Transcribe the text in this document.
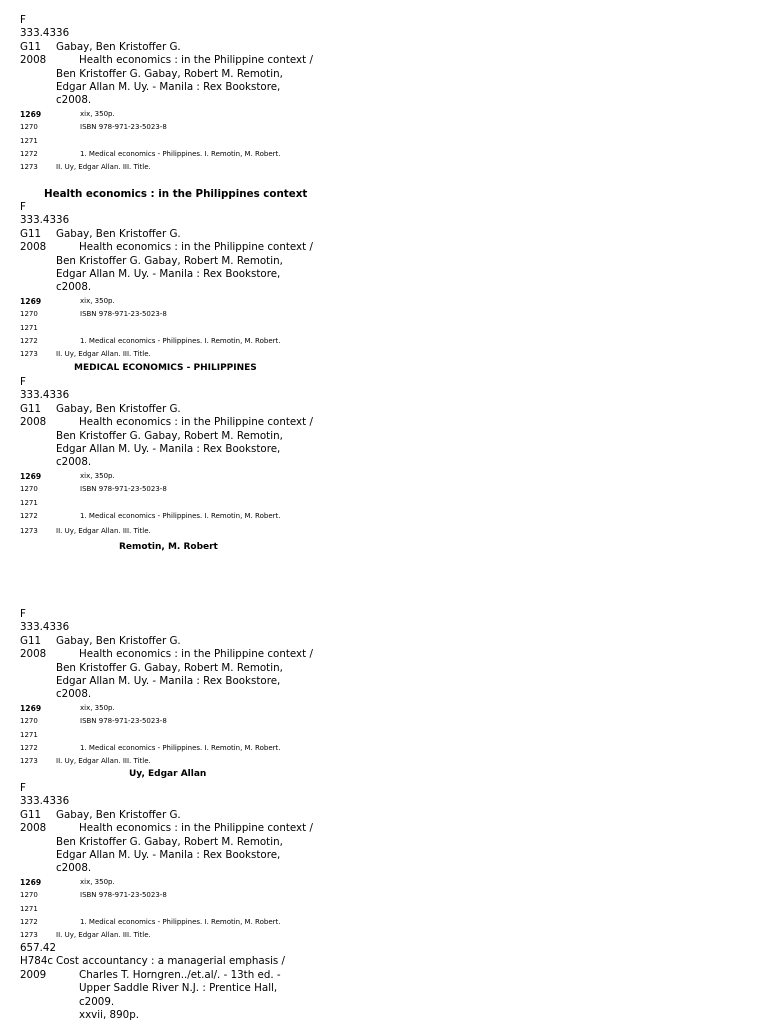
F
333.4336
G11 Gabay, Ben Kristoffer G.
2008	Health economics : in the Philippine context /
Ben Kristoffer G. Gabay, Robert M. Remotin,
Edgar Allan M. Uy. - Manila : Rex Bookstore,
c2008.
1269	xix, 350p.
1270	ISBN 978-971-23-5023-8
1271
1272	1. Medical economics - Philippines. I. Remotin, M. Robert.
1273	II. Uy, Edgar Allan. III. Title.
Health economics : in the Philippines context
F
333.4336
G11 Gabay, Ben Kristoffer G.
2008	Health economics : in the Philippine context /
Ben Kristoffer G. Gabay, Robert M. Remotin,
Edgar Allan M. Uy. - Manila : Rex Bookstore,
c2008.
1269	xix, 350p.
1270	ISBN 978-971-23-5023-8
1271
1272	1. Medical economics - Philippines. I. Remotin, M. Robert.
1273	II. Uy, Edgar Allan. III. Title.
MEDICAL ECONOMICS - PHILIPPINES
F
333.4336
G11 Gabay, Ben Kristoffer G.
2008	Health economics : in the Philippine context /
Ben Kristoffer G. Gabay, Robert M. Remotin,
Edgar Allan M. Uy. - Manila : Rex Bookstore,
c2008.
1269	xix, 350p.
1270	ISBN 978-971-23-5023-8
1271
1272	1. Medical economics - Philippines. I. Remotin, M. Robert.
1273	II. Uy, Edgar Allan. III. Title.
Remotin, M. Robert
F
333.4336
G11 Gabay, Ben Kristoffer G.
2008	Health economics : in the Philippine context /
Ben Kristoffer G. Gabay, Robert M. Remotin,
Edgar Allan M. Uy. - Manila : Rex Bookstore,
c2008.
1269	xix, 350p.
1270	ISBN 978-971-23-5023-8
1271
1272	1. Medical economics - Philippines. I. Remotin, M. Robert.
1273	II. Uy, Edgar Allan. III. Title.
Uy, Edgar Allan
F
333.4336
G11 Gabay, Ben Kristoffer G.
2008	Health economics : in the Philippine context /
Ben Kristoffer G. Gabay, Robert M. Remotin,
Edgar Allan M. Uy. - Manila : Rex Bookstore,
c2008.
1269	xix, 350p.
1270	ISBN 978-971-23-5023-8
1271
1272	1. Medical economics - Philippines. I. Remotin, M. Robert.
1273	II. Uy, Edgar Allan. III. Title.
657.42
H784c Cost accountancy : a managerial emphasis /
2009	Charles T. Horngren../et.al/. - 13th ed. -
Upper Saddle River N.J. : Prentice Hall,
c2009.
xxvii, 890p.
